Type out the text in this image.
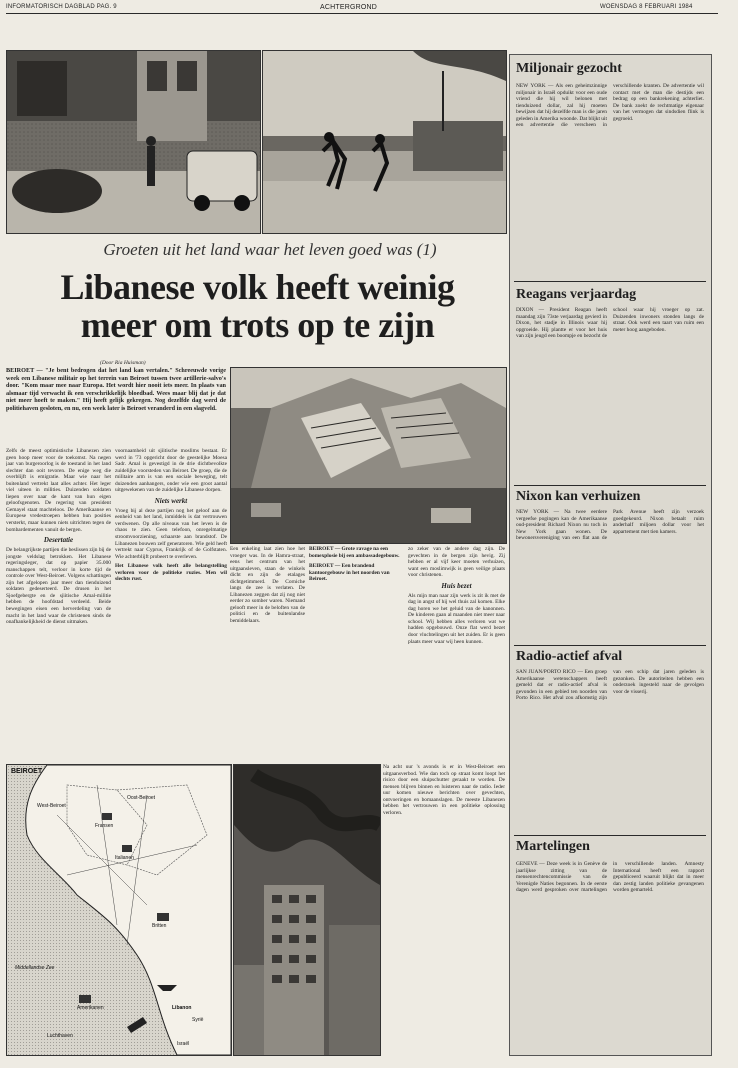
INFORMATORISCH DAGBLAD PAG. 9	ACHTERGROND	WOENSDAG 8 FEBRUARI 1984
Groeten uit het land waar het leven goed was (1)
Libanese volk heeft weinig
meer om trots op te zijn
(Door Ria Huisman)
BEIROET — "Je bent bedrogen dat het land kan vertalen." Schreeuwde vorige week een Libanese militair op het terrein van Beiroet tussen twee artillerie-salvo's door. "Kom maar mee naar Europa. Het wordt hier nooit iets meer. In plaats van alsmaar tijd verwacht ik een verschrikkelijk bloedbad. Wees maar blij dat je dat niet meer hoeft te maken." Hij heeft gelijk gekregen. Nog dezelfde dag werd de politiehaven gesloten, en nu, een week later is Beiroet veranderd in een slagveld.
Zelfs de meest optimistische Libanezen zien geen hoop meer voor de toekomst. Na negen jaar van burgeroorlog is de toestand in het land slechter dan ooit tevoren. De enige weg die overblijft is emigratie. Maar wie naar het buitenland vertrekt laat alles achter. Het leger viel uiteen in milities. Duizenden soldaten liepen over naar de kant van hun eigen geloofsgenoten. De regering van president Gemayel staat machteloos. De Amerikaanse en Europese vredestroepen hebben hun posities versterkt, maar kunnen niets uitrichten tegen de bombardementen vanuit de bergen.
Desertatie
De belangrijkste partijen die beslissen zijn bij de jongste veldslag betrokken. Het Libanese regeringsleger, dat op papier 35.000 manschappen telt, verloor in korte tijd de controle over West-Beiroet. Volgens schattingen zijn het afgelopen jaar meer dan tienduizend soldaten gedeserteerd. De drusen in het Sjoefgebergte en de sjiitische Amal-militie hebben de hoofdstad verdeeld. Beide bewegingen eisen een herverdeling van de macht in het land waar de christenen sinds de onafhankelijkheid de dienst uitmaken.
voornaamheid uit sjiitische moslims bestaat. Er werd in '73 opgericht door de geestelijke Moesa Sadr. Amal is gevestigd in de drie dichtbevolkte zuidelijke voorsteden van Beiroet. De groep, die de militaire arm is van een sociale beweging, telt duizenden aanhangers, onder wie een groot aantal uitgewekenen van de zuidelijke Libanese dorpen.
Niets werkt
Vroeg bij al deze partijen nog het geloof aan de eenheid van het land, inmiddels is dat vertrouwen verdwenen. Op alle niveaus van het leven is de chaos te zien. Geen telefoon, onregelmatige stroomvoorziening, schaarste aan brandstof. De Libanezen bouwen zelf generatoren. Wie geld heeft vertrekt naar Cyprus, Frankrijk of de Golfstaten. Wie achterblijft probeert te overleven.
Het Libanese volk heeft alle belangstelling verloren voor de politieke ruzies. Men wil slechts rust.
Een enkeling laat zien hoe het vroeger was. In de Hamra-straat, eens het centrum van het uitgaansleven, staan de winkels dicht en zijn de etalages dichtgetimmerd. De Corniche langs de zee is verlaten. De Libanezen zeggen dat zij nog niet eerder zo somber waren. Niemand gelooft meer in de beloften van de politici en de buitenlandse bemiddelaars.
BEIROET — Grote ravage na een bomexplosie bij een ambassadegebouw.
BEIROET — Een brandend kantoorgebouw in het noorden van Beiroet.
zo zeker van de andere dag zijn. De gevechten in de bergen zijn hevig. Zij hebben er al vijf keer moeten verhuizen, want een moslimwijk is geen veilige plaats voor christenen.
Huis bezet
Als mijn man naar zijn werk is zit ik met de dag in angst of hij wel thuis zal komen. Elke dag horen we het geluid van de kanonnen. De kinderen gaan al maanden niet meer naar school. Wij hebben alles verloren wat we hadden opgebouwd. Onze flat werd bezet door vluchtelingen uit het zuiden. Er is geen plaats meer waar wij heen kunnen.
BEIROET
West-Beiroet
Oost-Beiroet
Libanon
Syrië
Israël
Middellandse Zee
Luchthaven
Amerikanen
Fransen
Italianen
Britten
Na acht uur 's avonds is er in West-Beiroet een uitgaansverbod. Wie dan toch op straat komt loopt het risico door een sluipschutter geraakt te worden. De mensen blijven binnen en luisteren naar de radio. Ieder uur komen nieuwe berichten over gevechten, ontvoeringen en bomaanslagen. De meeste Libanezen hebben het vertrouwen in een politieke oplossing verloren.
Miljonair gezocht
NEW YORK — Als een geheimzinnige miljonair in Israël opduikt voor een oude vriend die hij wil belonen met tienduizend dollar, zal hij moeten bewijzen dat hij dezelfde man is die jaren geleden in Amerika woonde. Dat blijkt uit een advertentie die verscheen in verschillende kranten. De advertentie wil contact met de man die destijds een bedrag op een bankrekening achterliet. De bank zoekt de rechtmatige eigenaar van het vermogen dat sindsdien flink is gegroeid.
Reagans verjaardag
DIXON — President Reagan heeft maandag zijn 73ste verjaardag gevierd in Dixon, het stadje in Illinois waar hij opgroeide. Hij plantte er voor het huis van zijn jeugd een boompje en bezocht de school waar hij vroeger op zat. Duizenden inwoners stonden langs de straat. Ook werd een taart van ruim een meter hoog aangeboden.
Nixon kan verhuizen
NEW YORK — Na twee eerdere vergeefse pogingen kan de Amerikaanse oud-president Richard Nixon nu toch in New York gaan wonen. De bewonersvereniging van een flat aan de Park Avenue heeft zijn verzoek goedgekeurd. Nixon betaalt ruim anderhalf miljoen dollar voor het appartement met tien kamers.
Radio-actief afval
SAN JUAN/PORTO RICO — Een groep Amerikaanse wetenschappers heeft gemeld dat er radio-actief afval is gevonden in een gebied ten noorden van Porto Rico. Het afval zou afkomstig zijn van een schip dat jaren geleden is gezonken. De autoriteiten hebben een onderzoek ingesteld naar de gevolgen voor de visserij.
Martelingen
GENEVE — Deze week is in Genève de jaarlijkse zitting van de mensenrechtencommissie van de Verenigde Naties begonnen. In de eerste dagen werd gesproken over martelingen in verschillende landen. Amnesty International heeft een rapport gepubliceerd waaruit blijkt dat in meer dan zestig landen politieke gevangenen worden gemarteld.
